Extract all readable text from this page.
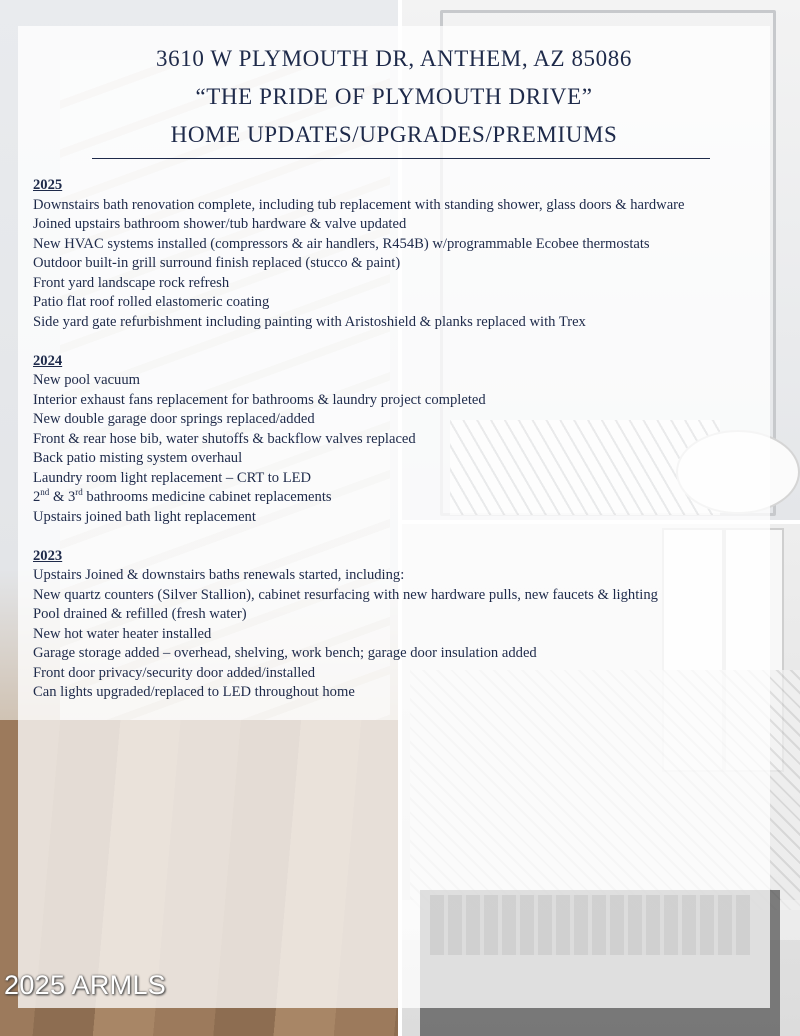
3610 W PLYMOUTH DR, ANTHEM, AZ 85086
“THE PRIDE OF PLYMOUTH DRIVE”
HOME UPDATES/UPGRADES/PREMIUMS

2025

Downstairs bath renovation complete, including tub replacement with standing shower, glass doors & hardware

Joined upstairs bathroom shower/tub hardware & valve updated

New HVAC systems installed (compressors & air handlers, R454B) w/programmable Ecobee thermostats

Outdoor built-in grill surround finish replaced (stucco & paint)

Front yard landscape rock refresh

Patio flat roof rolled elastomeric coating

Side yard gate refurbishment including painting with Aristoshield & planks replaced with Trex

2024

New pool vacuum

Interior exhaust fans replacement for bathrooms & laundry project completed

New double garage door springs replaced/added

Front & rear hose bib, water shutoffs & backflow valves replaced

Back patio misting system overhaul

Laundry room light replacement – CRT to LED

2nd & 3rd bathrooms medicine cabinet replacements

Upstairs joined bath light replacement

2023

Upstairs Joined & downstairs baths renewals started, including:

New quartz counters (Silver Stallion), cabinet resurfacing with new hardware pulls, new faucets & lighting

Pool drained & refilled (fresh water)

New hot water heater installed

Garage storage added – overhead, shelving, work bench; garage door insulation added

Front door privacy/security door added/installed

Can lights upgraded/replaced to LED throughout home

2025 ARMLS
